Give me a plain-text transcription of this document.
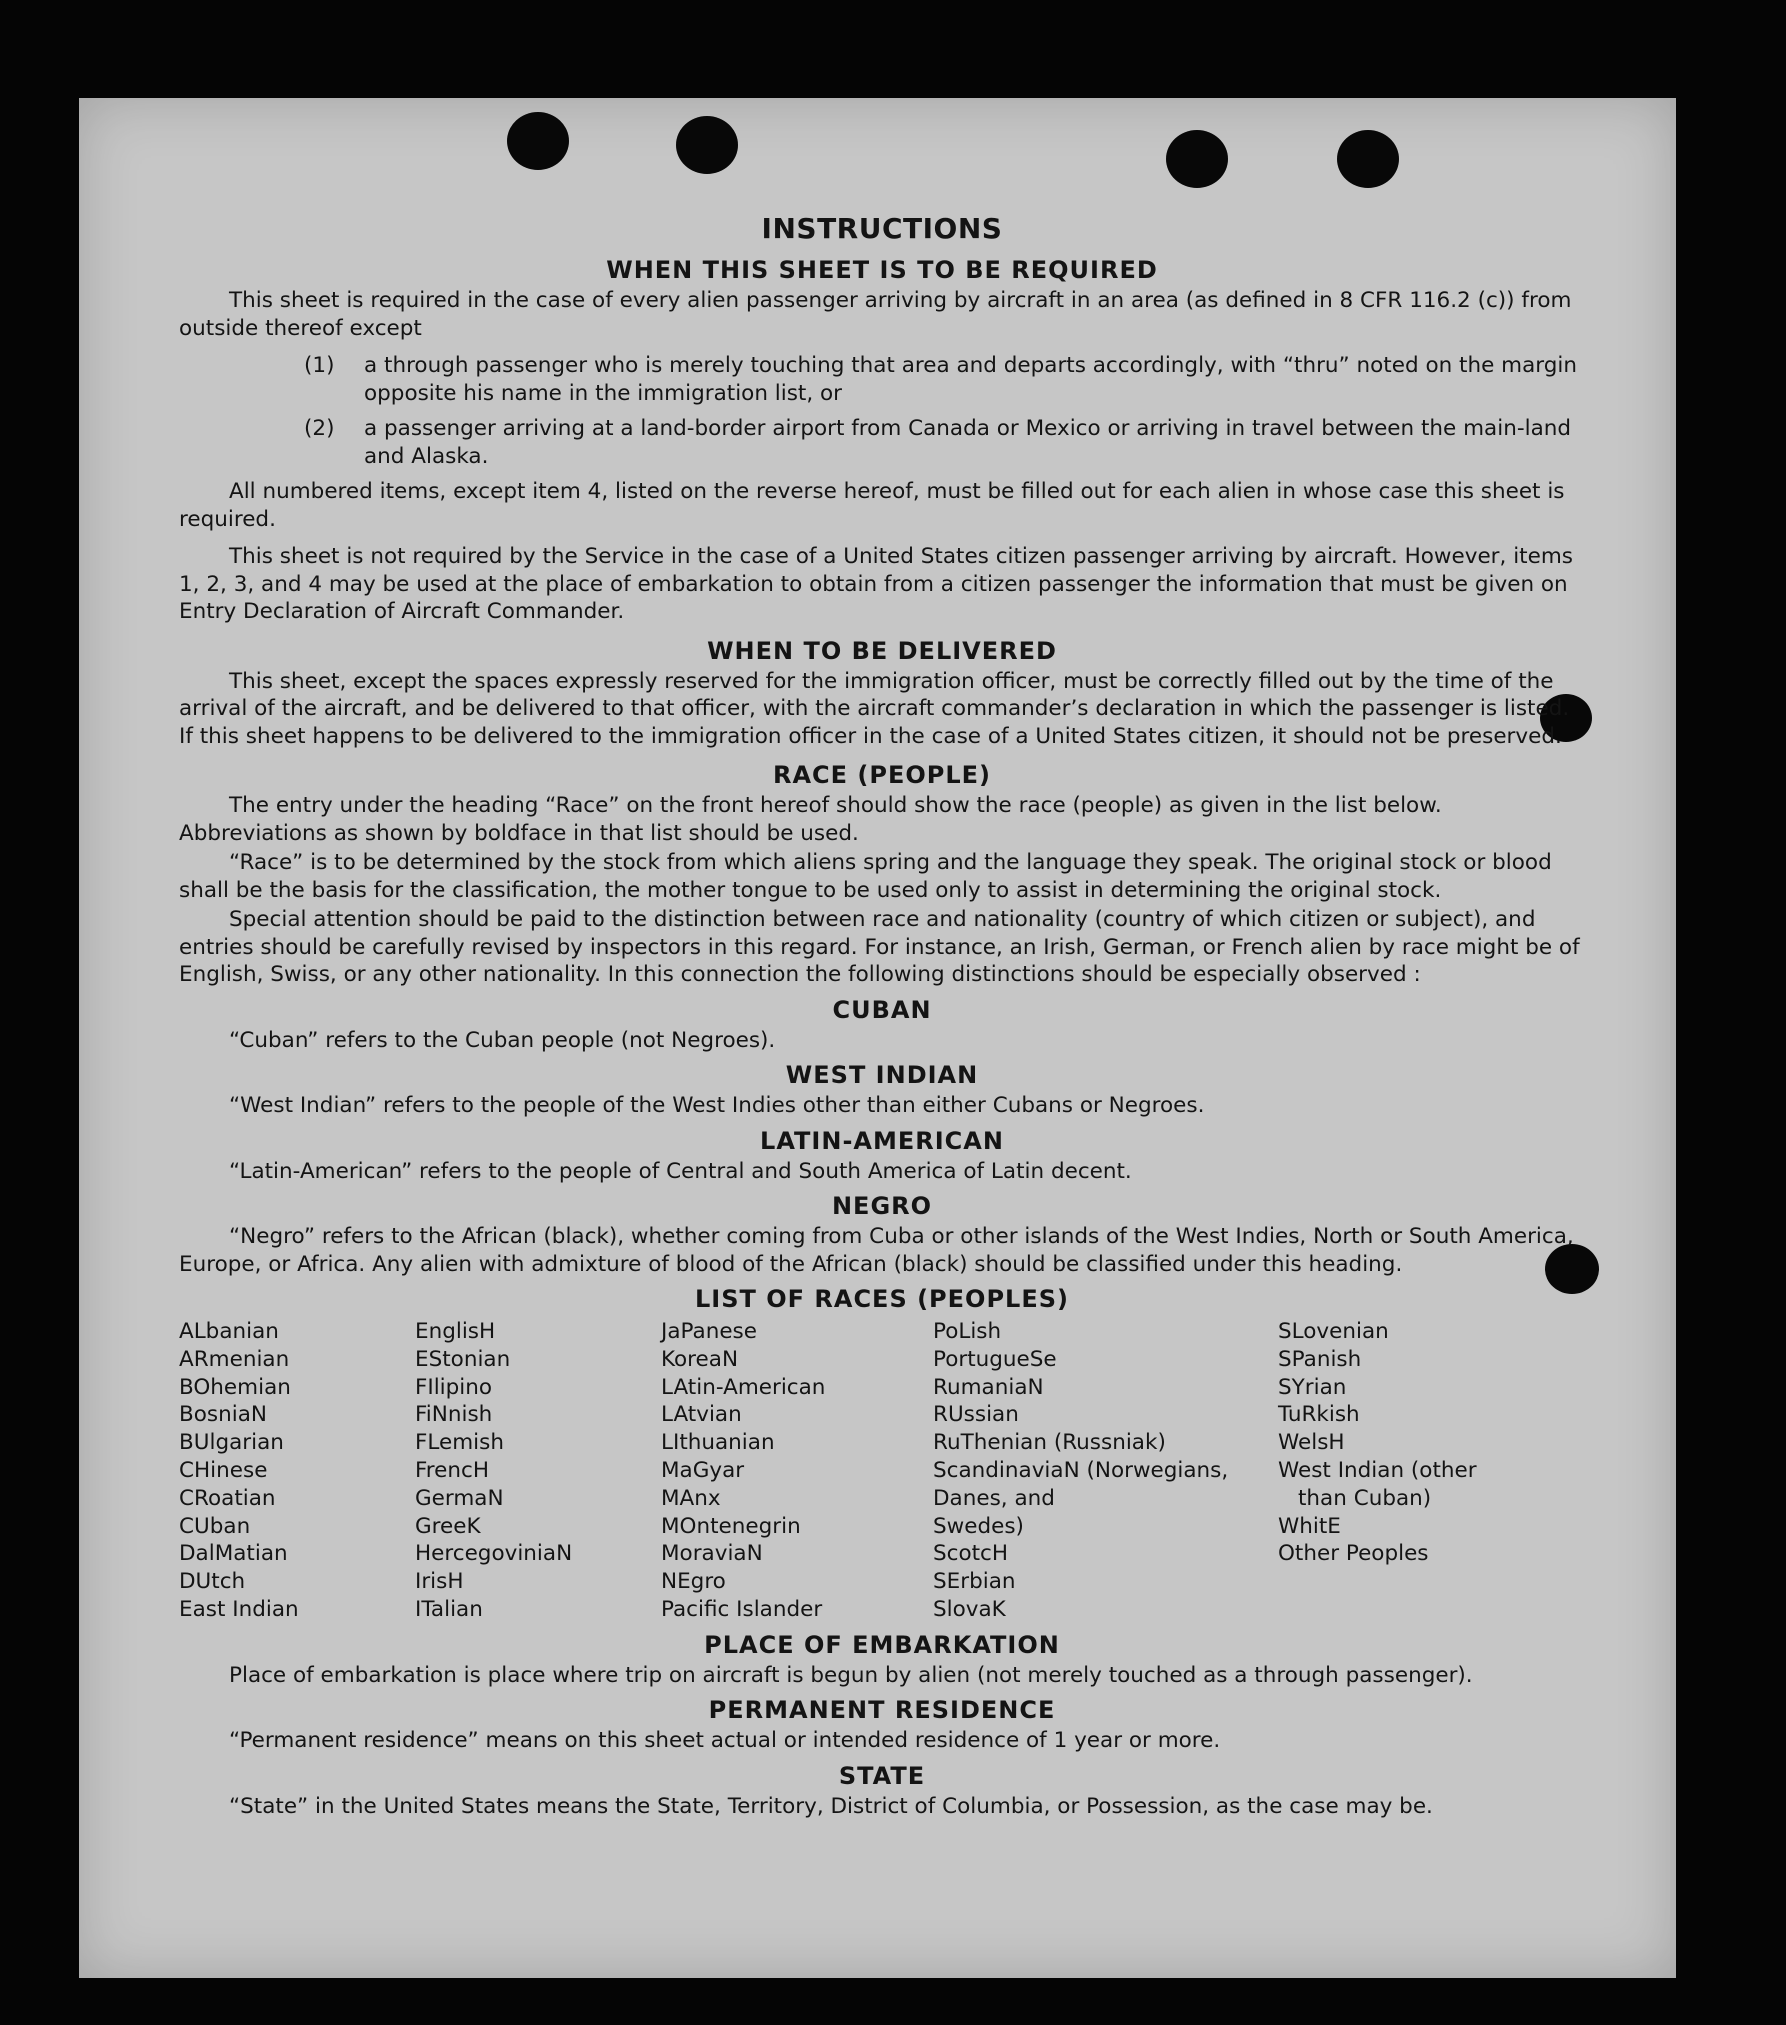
INSTRUCTIONS
WHEN THIS SHEET IS TO BE REQUIRED

This sheet is required in the case of every alien passenger arriving by aircraft in an area (as defined in 8 CFR 116.2 (c)) from outside thereof except

(1)	a through passenger who is merely touching that area and departs accordingly, with “thru” noted on the margin opposite his name in the immigration list, or
(2)	a passenger arriving at a land-border airport from Canada or Mexico or arriving in travel between the main-land and Alaska.

All numbered items, except item 4, listed on the reverse hereof, must be filled out for each alien in whose case this sheet is required.

This sheet is not required by the Service in the case of a United States citizen passenger arriving by aircraft. However, items 1, 2, 3, and 4 may be used at the place of embarkation to obtain from a citizen passenger the information that must be given on Entry Declaration of Aircraft Commander.

WHEN TO BE DELIVERED

This sheet, except the spaces expressly reserved for the immigration officer, must be correctly filled out by the time of the arrival of the aircraft, and be delivered to that officer, with the aircraft commander’s declaration in which the passenger is listed. If this sheet happens to be delivered to the immigration officer in the case of a United States citizen, it should not be preserved.

RACE (PEOPLE)

The entry under the heading “Race” on the front hereof should show the race (people) as given in the list below. Abbreviations as shown by boldface in that list should be used.

“Race” is to be determined by the stock from which aliens spring and the language they speak. The original stock or blood shall be the basis for the classification, the mother tongue to be used only to assist in determining the original stock.

Special attention should be paid to the distinction between race and nationality (country of which citizen or subject), and entries should be carefully revised by inspectors in this regard. For instance, an Irish, German, or French alien by race might be of English, Swiss, or any other nationality. In this connection the following distinctions should be especially observed :

CUBAN

“Cuban” refers to the Cuban people (not Negroes).

WEST INDIAN

“West Indian” refers to the people of the West Indies other than either Cubans or Negroes.

LATIN-AMERICAN

“Latin-American” refers to the people of Central and South America of Latin decent.

NEGRO

“Negro” refers to the African (black), whether coming from Cuba or other islands of the West Indies, North or South America, Europe, or Africa. Any alien with admixture of blood of the African (black) should be classified under this heading.

LIST OF RACES (PEOPLES)
ALbanian
ARmenian
BOhemian
BosniaN
BUlgarian
CHinese
CRoatian
CUban
DalMatian
DUtch
East Indian
EnglisH
EStonian
FIlipino
FiNnish
FLemish
FrencH
GermaN
GreeK
HercegoviniaN
IrisH
ITalian
JaPanese
KoreaN
LAtin-American
LAtvian
LIthuanian
MaGyar
MAnx
MOntenegrin
MoraviaN
NEgro
Pacific Islander
PoLish
PortugueSe
RumaniaN
RUssian
RuThenian (Russniak)
ScandinaviaN (Norwegians,
Danes, and
Swedes)
ScotcH
SErbian
SlovaK
SLovenian
SPanish
SYrian
TuRkish
WelsH
West Indian (other
than Cuban)
WhitE
Other Peoples
PLACE OF EMBARKATION

Place of embarkation is place where trip on aircraft is begun by alien (not merely touched as a through passenger).

PERMANENT RESIDENCE

“Permanent residence” means on this sheet actual or intended residence of 1 year or more.

STATE

“State” in the United States means the State, Territory, District of Columbia, or Possession, as the case may be.
